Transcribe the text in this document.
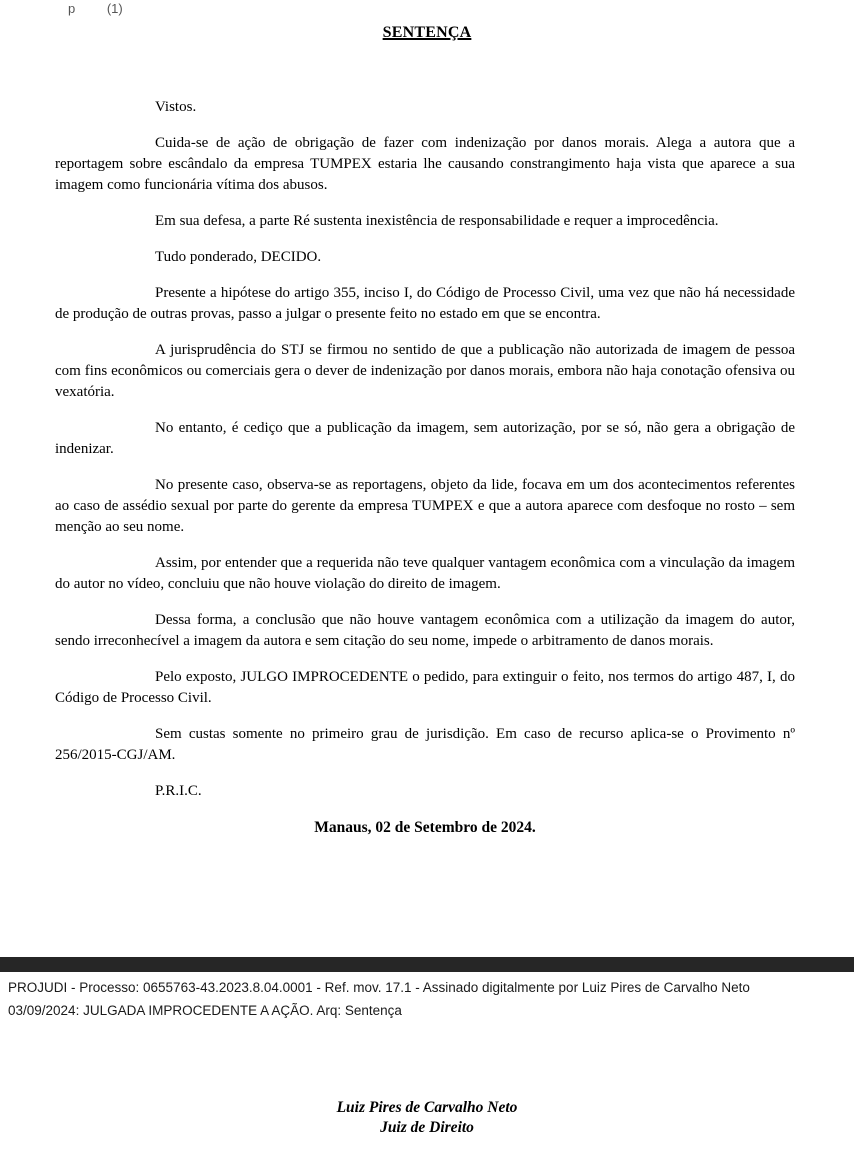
p (1)
SENTENÇA

Vistos.

Cuida-se de ação de obrigação de fazer com indenização por danos morais. Alega a autora que a reportagem sobre escândalo da empresa TUMPEX estaria lhe causando constrangimento haja vista que aparece a sua imagem como funcionária vítima dos abusos.

Em sua defesa, a parte Ré sustenta inexistência de responsabilidade e requer a improcedência.

Tudo ponderado, DECIDO.

Presente a hipótese do artigo 355, inciso I, do Código de Processo Civil, uma vez que não há necessidade de produção de outras provas, passo a julgar o presente feito no estado em que se encontra.

A jurisprudência do STJ se firmou no sentido de que a publicação não autorizada de imagem de pessoa com fins econômicos ou comerciais gera o dever de indenização por danos morais, embora não haja conotação ofensiva ou vexatória.

No entanto, é cediço que a publicação da imagem, sem autorização, por se só, não gera a obrigação de indenizar.

No presente caso, observa-se as reportagens, objeto da lide, focava em um dos acontecimentos referentes ao caso de assédio sexual por parte do gerente da empresa TUMPEX e que a autora aparece com desfoque no rosto – sem menção ao seu nome.

Assim, por entender que a requerida não teve qualquer vantagem econômica com a vinculação da imagem do autor no vídeo, concluiu que não houve violação do direito de imagem.

Dessa forma, a conclusão que não houve vantagem econômica com a utilização da imagem do autor, sendo irreconhecível a imagem da autora e sem citação do seu nome, impede o arbitramento de danos morais.

Pelo exposto, JULGO IMPROCEDENTE o pedido, para extinguir o feito, nos termos do artigo 487, I, do Código de Processo Civil.

Sem custas somente no primeiro grau de jurisdição. Em caso de recurso aplica-se o Provimento nº 256/2015-CGJ/AM.

P.R.I.C.

Manaus, 02 de Setembro de 2024.

PROJUDI - Processo: 0655763-43.2023.8.04.0001 - Ref. mov. 17.1 - Assinado digitalmente por Luiz Pires de Carvalho Neto
03/09/2024: JULGADA IMPROCEDENTE A AÇÃO. Arq: Sentença
Luiz Pires de Carvalho Neto
Juiz de Direito
